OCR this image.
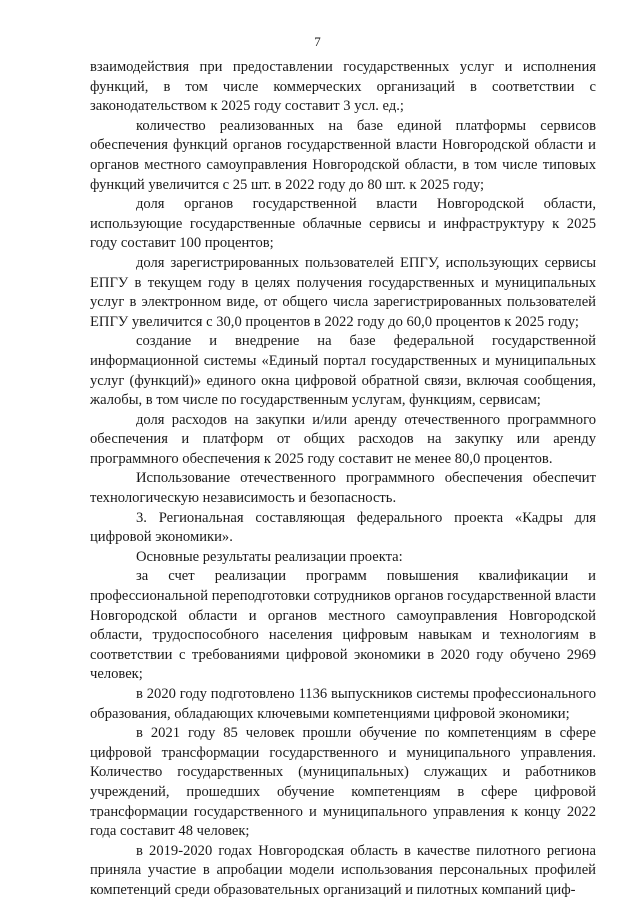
7

взаимодействия при предоставлении государственных услуг и исполнения функций, в том числе коммерческих организаций в соответствии с законодательством к 2025 году составит 3 усл. ед.;

количество реализованных на базе единой платформы сервисов обеспечения функций органов государственной власти Новгородской области и органов местного самоуправления Новгородской области, в том числе типовых функций увеличится с 25 шт. в 2022 году до 80 шт. к 2025 году;

доля органов государственной власти Новгородской области, использующие государственные облачные сервисы и инфраструктуру к 2025 году составит 100 процентов;

доля зарегистрированных пользователей ЕПГУ, использующих сервисы ЕПГУ в текущем году в целях получения государственных и муниципальных услуг в электронном виде, от общего числа зарегистрированных пользователей ЕПГУ увеличится с 30,0 процентов в 2022 году до 60,0 процентов к 2025 году;

создание и внедрение на базе федеральной государственной информационной системы «Единый портал государственных и муниципальных услуг (функций)» единого окна цифровой обратной связи, включая сообщения, жалобы, в том числе по государственным услугам, функциям, сервисам;

доля расходов на закупки и/или аренду отечественного программного обеспечения и платформ от общих расходов на закупку или аренду программного обеспечения к 2025 году составит не менее 80,0 процентов.

Использование отечественного программного обеспечения обеспечит технологическую независимость и безопасность.

3. Региональная составляющая федерального проекта «Кадры для цифровой экономики».

Основные результаты реализации проекта:

за счет реализации программ повышения квалификации и профессиональной переподготовки сотрудников органов государственной власти Новгородской области и органов местного самоуправления Новгородской области, трудоспособного населения цифровым навыкам и технологиям в соответствии с требованиями цифровой экономики в 2020 году обучено 2969 человек;

в 2020 году подготовлено 1136 выпускников системы профессионального образования, обладающих ключевыми компетенциями цифровой экономики;

в 2021 году 85 человек прошли обучение по компетенциям в сфере цифровой трансформации государственного и муниципального управления. Количество государственных (муниципальных) служащих и работников учреждений, прошедших обучение компетенциям в сфере цифровой трансформации государственного и муниципального управления к концу 2022 года составит 48 человек;

в 2019-2020 годах Новгородская область в качестве пилотного региона приняла участие в апробации модели использования персональных профилей компетенций среди образовательных организаций и пилотных компаний циф-
